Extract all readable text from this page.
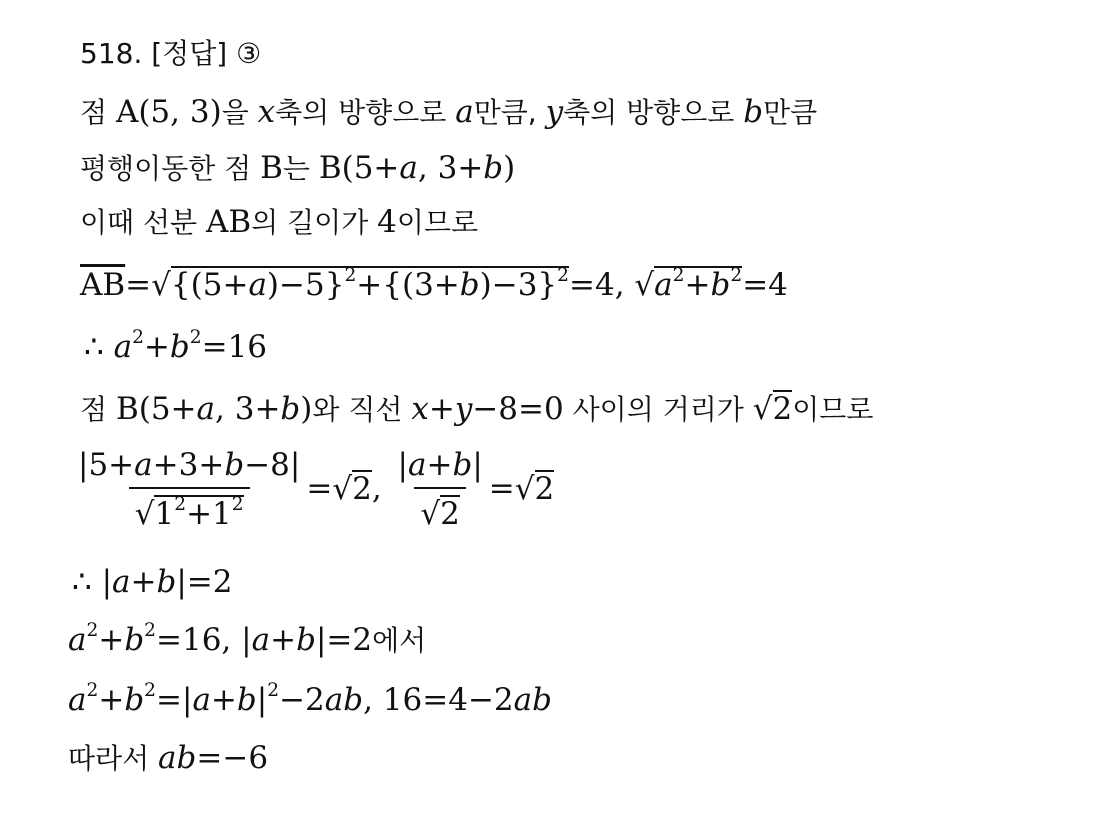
518. [정답] ③
점 A(5, 3)을 x축의 방향으로 a만큼, y축의 방향으로 b만큼
평행이동한 점 B는 B(5+a, 3+b)
이때 선분 AB의 길이가 4이므로
$\overline{AB}=√\{(5+a)-5\}^2+\{(3+b)-3\}^2=4$, $√a^2+b^2=4$
∴ $a^2+b^2=16$
점 B(5+a, 3+b)와 직선 x+y−8=0 사이의 거리가 √2이므로
$\frac{|5+a+3+b-8|}{√1^2+1^2} =√2$, $\frac{|a+b|}{√2} =√2$
∴ |a+b|=2
$a^2+b^2=16$, |a+b|=2에서
$a^2+b^2=|a+b|^2-2ab$, 16=4−2ab
따라서 ab=−6
